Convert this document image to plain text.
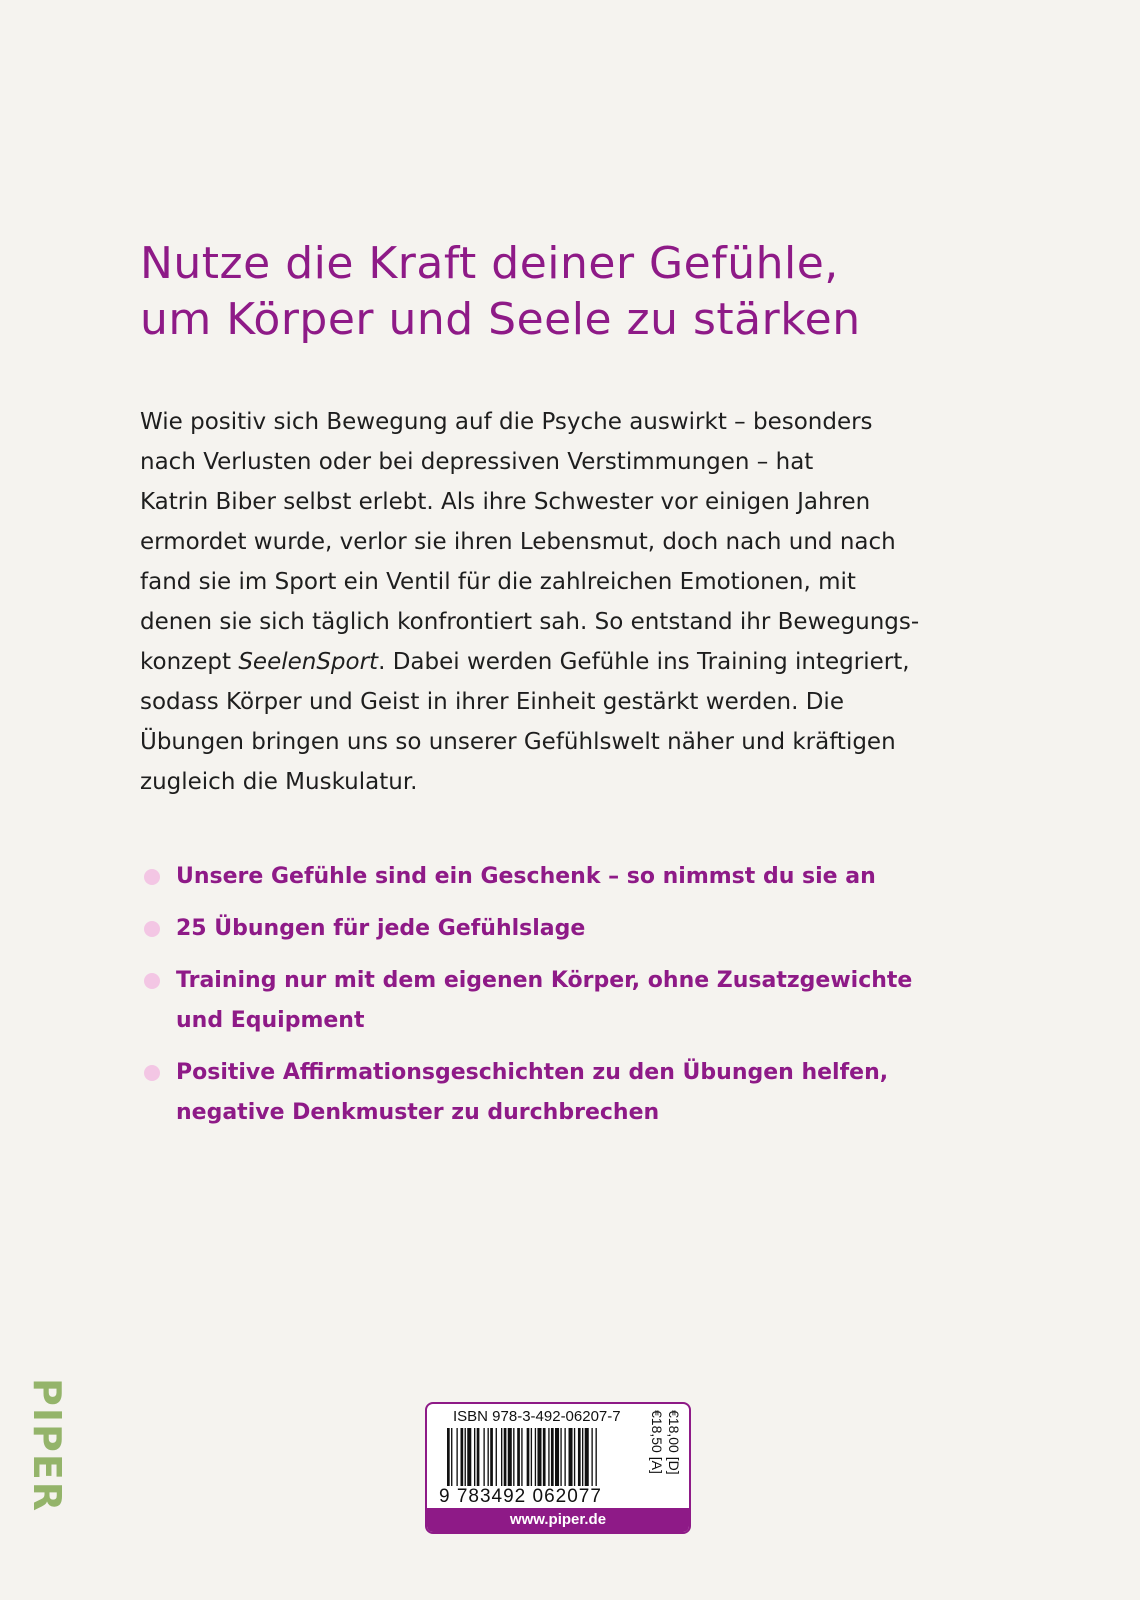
Nutze die Kraft deiner Gefühle,
um Körper und Seele zu stärken

Wie positiv sich Bewegung auf die Psyche auswirkt – besonders
nach Verlusten oder bei depressiven Verstimmungen – hat
Katrin Biber selbst erlebt. Als ihre Schwester vor einigen Jahren
ermordet wurde, verlor sie ihren Lebensmut, doch nach und nach
fand sie im Sport ein Ventil für die zahlreichen Emotionen, mit
denen sie sich täglich konfrontiert sah. So entstand ihr Bewegungs-
konzept SeelenSport. Dabei werden Gefühle ins Training integriert,
sodass Körper und Geist in ihrer Einheit gestärkt werden. Die
Übungen bringen uns so unserer Gefühlswelt näher und kräftigen
zugleich die Muskulatur.

Unsere Gefühle sind ein Geschenk – so nimmst du sie an
25 Übungen für jede Gefühlslage
Training nur mit dem eigenen Körper, ohne Zusatzgewichte
und Equipment
Positive Affirmationsgeschichten zu den Übungen helfen,
negative Denkmuster zu durchbrechen
PIPER	ISBN 978-3-492-06207-7
9 783492 062077
€18,00 [D]
€18,50 [A]
www.piper.de
